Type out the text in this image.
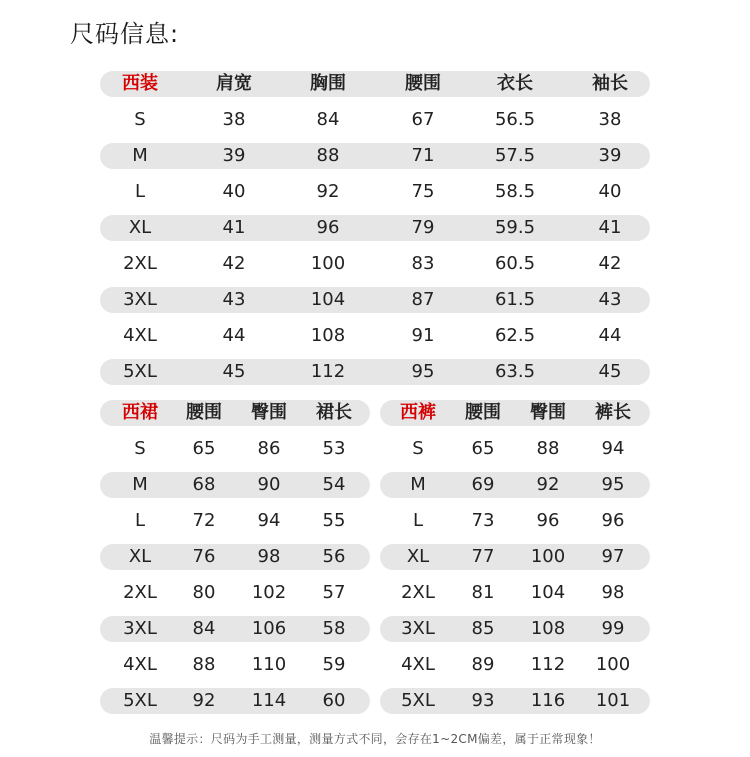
尺码信息:
西装	肩宽	胸围	腰围	衣长	袖长
S	38	84	67	56.5	38
M	39	88	71	57.5	39
L	40	92	75	58.5	40
XL	41	96	79	59.5	41
2XL	42	100	83	60.5	42
3XL	43	104	87	61.5	43
4XL	44	108	91	62.5	44
5XL	45	112	95	63.5	45
西裙	腰围	臀围	裙长
S	65	86	53
M	68	90	54
L	72	94	55
XL	76	98	56
2XL	80	102	57
3XL	84	106	58
4XL	88	110	59
5XL	92	114	60
西裤	腰围	臀围	裤长
S	65	88	94
M	69	92	95
L	73	96	96
XL	77	100	97
2XL	81	104	98
3XL	85	108	99
4XL	89	112	100
5XL	93	116	101
温馨提示：尺码为手工测量，测量方式不同，会存在1~2CM偏差，属于正常现象！
